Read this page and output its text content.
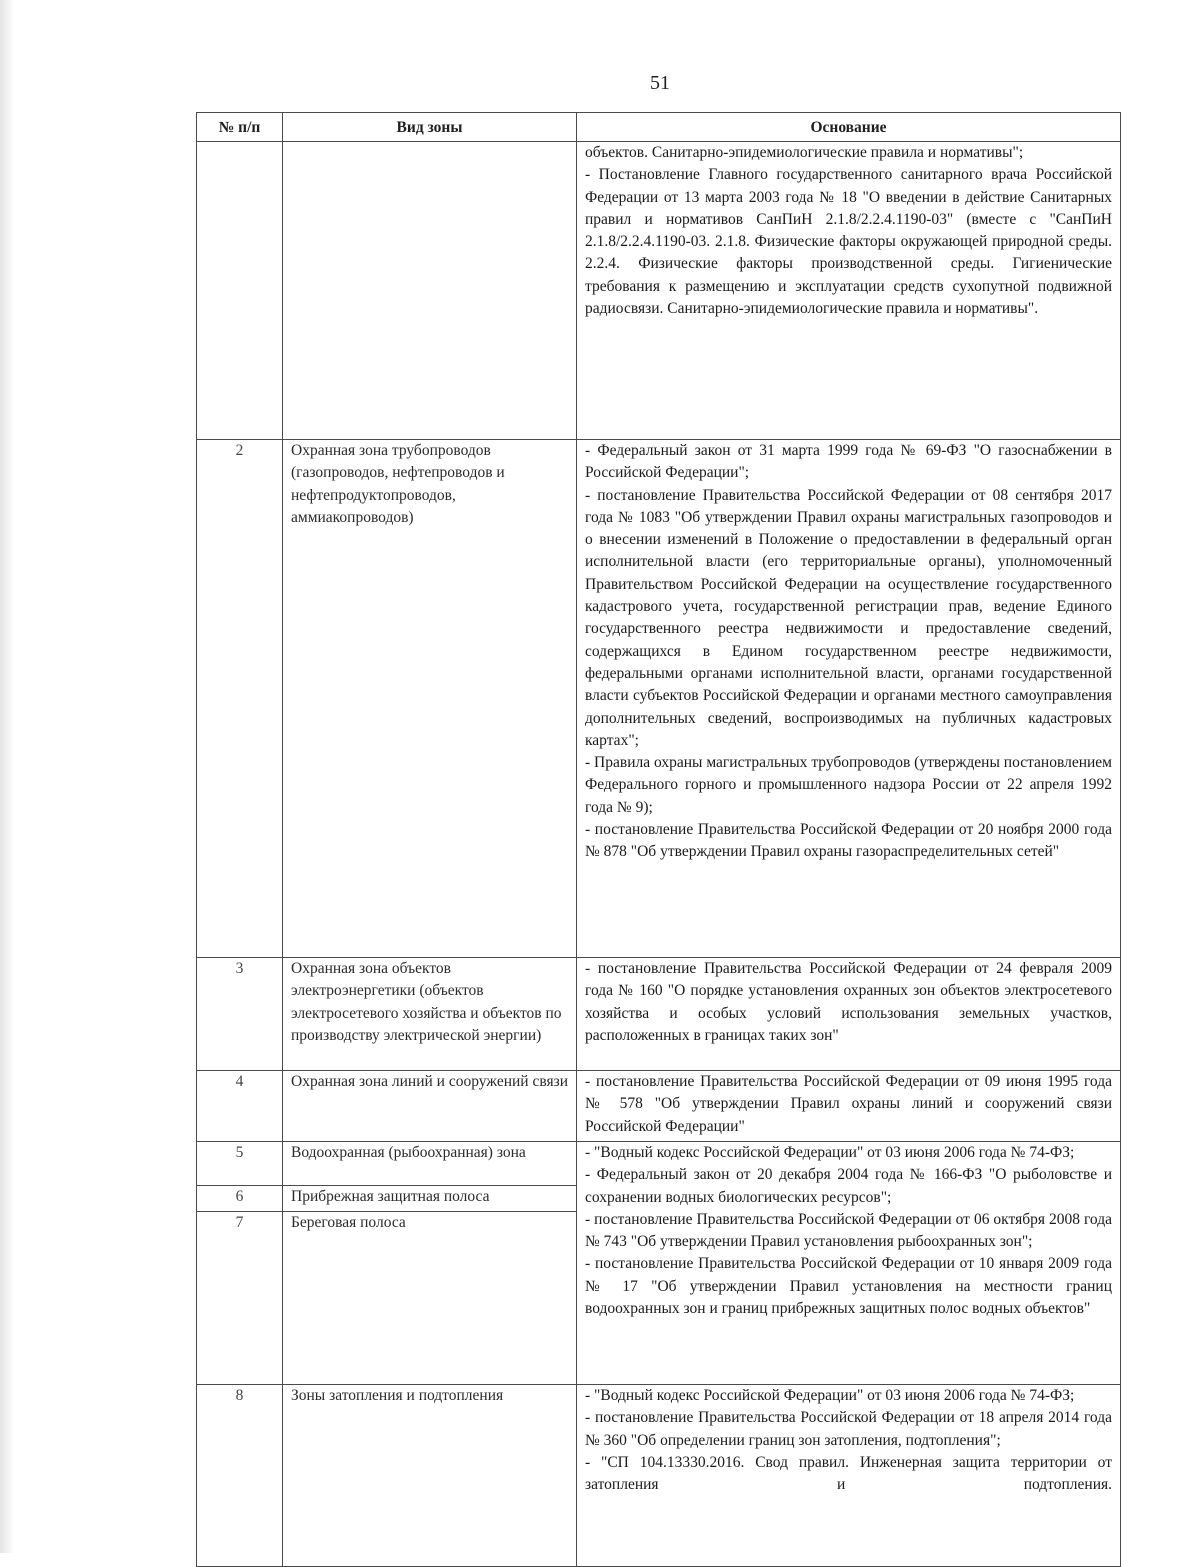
51
№ п/п	Вид зоны	Основание

		объектов. Санитарно-эпидемиологические правила и нормативы";

- Постановление Главного государственного санитарного врача Российской Федерации от 13 марта 2003 года № 18 "О введении в действие Санитарных правил и нормативов СанПиН 2.1.8/2.2.4.1190-03" (вместе с "СанПиН 2.1.8/2.2.4.1190-03. 2.1.8. Физические факторы окружающей природной среды. 2.2.4. Физические факторы производственной среды. Гигиенические требования к размещению и эксплуатации средств сухопутной подвижной радиосвязи. Санитарно-эпидемиологические правила и нормативы".

2	Охранная зона трубопроводов (газопроводов, нефтепроводов и нефтепродуктопроводов, аммиакопроводов)	- Федеральный закон от 31 марта 1999 года № 69-ФЗ "О газоснабжении в Российской Федерации";

- постановление Правительства Российской Федерации от 08 сентября 2017 года № 1083 "Об утверждении Правил охраны магистральных газопроводов и о внесении изменений в Положение о предоставлении в федеральный орган исполнительной власти (его территориальные органы), уполномоченный Правительством Российской Федерации на осуществление государственного кадастрового учета, государственной регистрации прав, ведение Единого государственного реестра недвижимости и предоставление сведений, содержащихся в Едином государственном реестре недвижимости, федеральными органами исполнительной власти, органами государственной власти субъектов Российской Федерации и органами местного самоуправления дополнительных сведений, воспроизводимых на публичных кадастровых картах";

- Правила охраны магистральных трубопроводов (утверждены постановлением Федерального горного и промышленного надзора России от 22 апреля 1992 года № 9);

- постановление Правительства Российской Федерации от 20 ноября 2000 года № 878 "Об утверждении Правил охраны газораспределительных сетей"

3	Охранная зона объектов электроэнергетики (объектов электросетевого хозяйства и объектов по производству электрической энергии)	- постановление Правительства Российской Федерации от 24 февраля 2009 года № 160 "О порядке установления охранных зон объектов электросетевого хозяйства и особых условий использования земельных участков, расположенных в границах таких зон"

4	Охранная зона линий и сооружений связи	- постановление Правительства Российской Федерации от 09 июня 1995 года № 578 "Об утверждении Правил охраны линий и сооружений связи Российской Федерации"

5	Водоохранная (рыбоохранная) зона	- "Водный кодекс Российской Федерации" от 03 июня 2006 года № 74-ФЗ;

- Федеральный закон от 20 декабря 2004 года № 166-ФЗ "О рыболовстве и сохранении водных биологических ресурсов";

- постановление Правительства Российской Федерации от 06 октября 2008 года № 743 "Об утверждении Правил установления рыбоохранных зон";

- постановление Правительства Российской Федерации от 10 января 2009 года № 17 "Об утверждении Правил установления на местности границ водоохранных зон и границ прибрежных защитных полос водных объектов"

6	Прибрежная защитная полоса	
7	Береговая полоса	
8	Зоны затопления и подтопления	- "Водный кодекс Российской Федерации" от 03 июня 2006 года № 74-ФЗ;

- постановление Правительства Российской Федерации от 18 апреля 2014 года № 360 "Об определении границ зон затопления, подтопления";

- "СП 104.13330.2016. Свод правил. Инженерная защита территории от затопления и подтопления.
